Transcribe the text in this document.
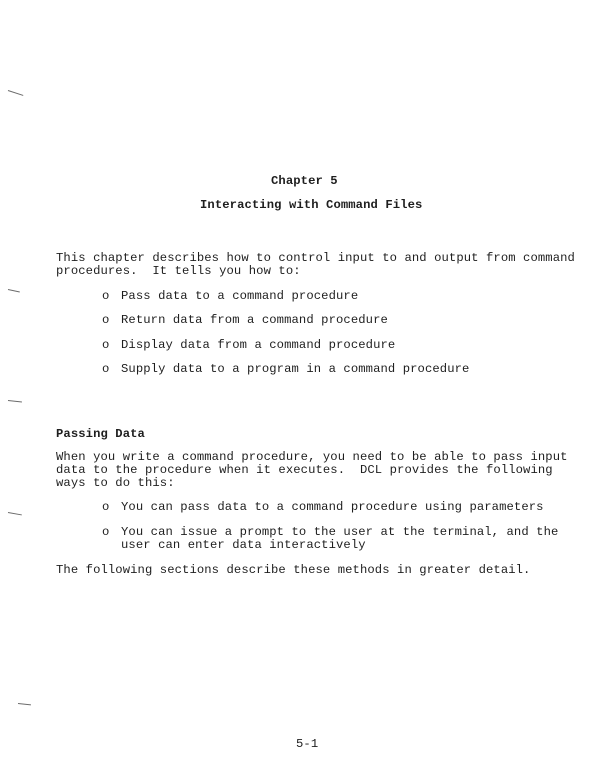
Chapter 5
Interacting with Command Files
This chapter describes how to control input to and output from command
procedures.  It tells you how to:
o Pass data to a command procedure
o Return data from a command procedure
o Display data from a command procedure
o Supply data to a program in a command procedure
Passing Data
When you write a command procedure, you need to be able to pass input
data to the procedure when it executes.  DCL provides the following
ways to do this:
o You can pass data to a command procedure using parameters
o You can issue a prompt to the user at the terminal, and the
user can enter data interactively
The following sections describe these methods in greater detail.
5-1
